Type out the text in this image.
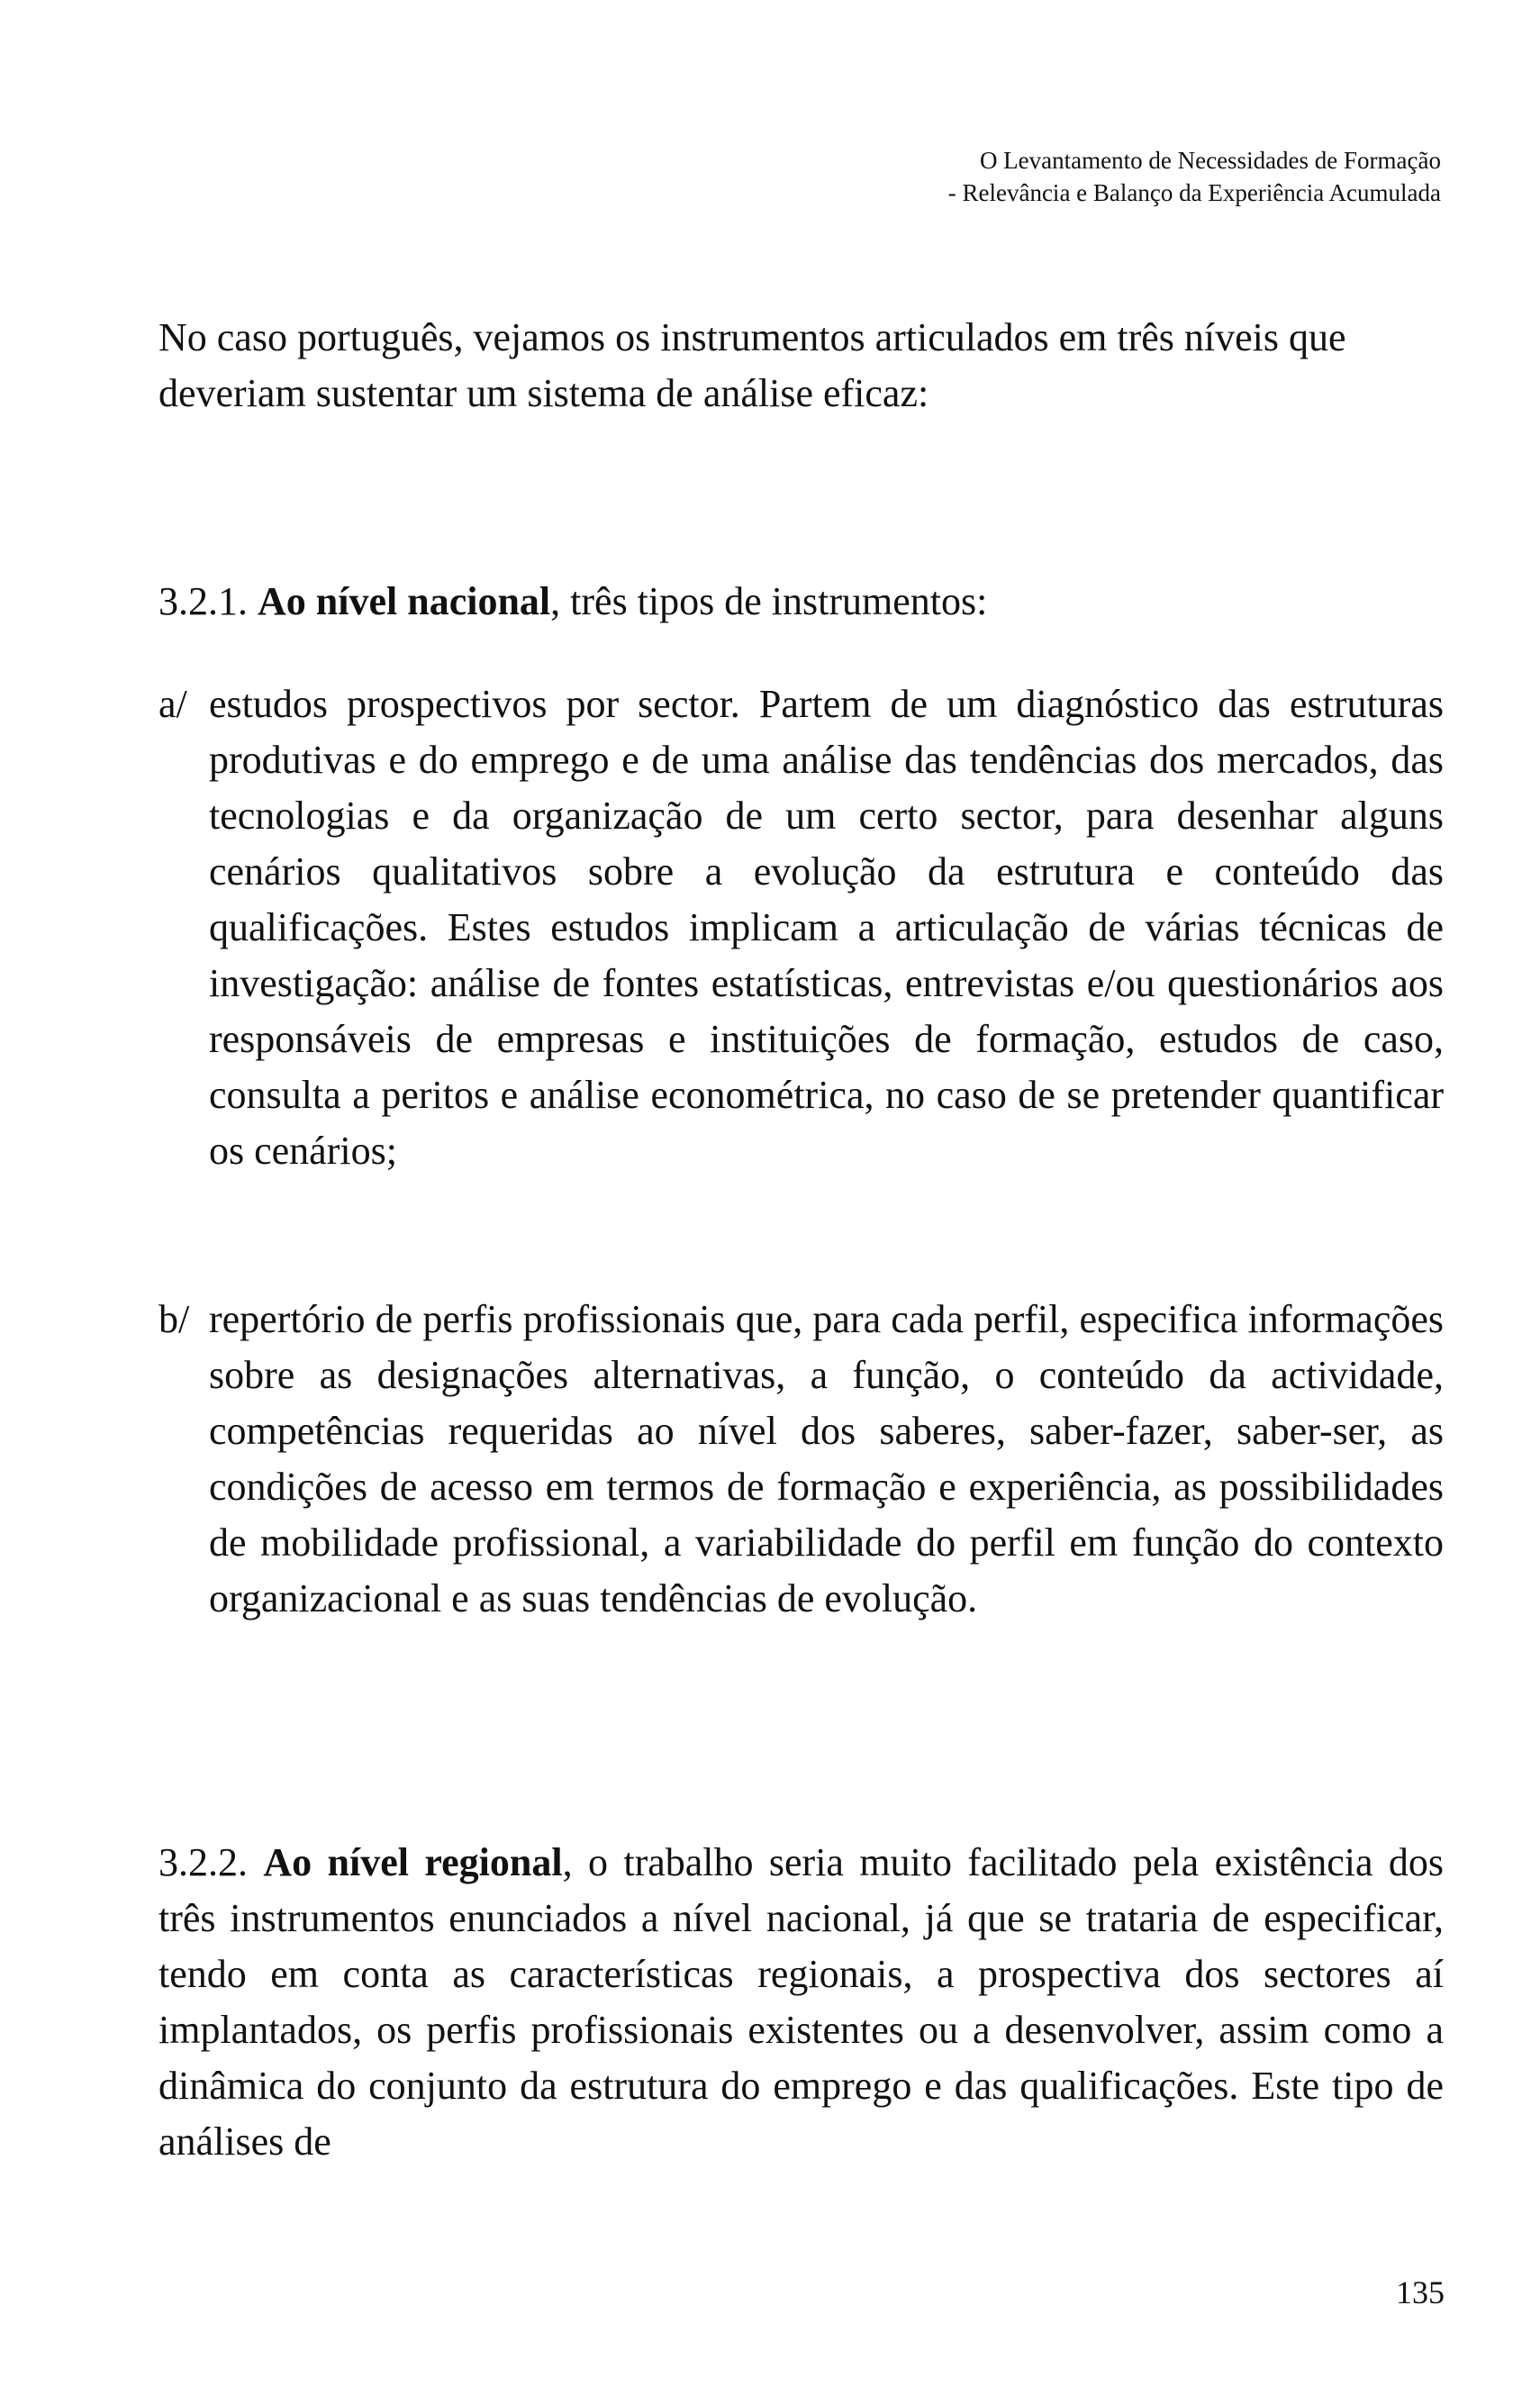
O Levantamento de Necessidades de Formação
- Relevância e Balanço da Experiência Acumulada

No caso português, vejamos os instrumentos articulados em três níveis que deveriam sustentar um sistema de análise eficaz:

3.2.1. Ao nível nacional, três tipos de instrumentos:

a/ estudos prospectivos por sector. Partem de um diagnóstico das estruturas produtivas e do emprego e de uma análise das tendências dos mercados, das tecnologias e da organização de um certo sector, para desenhar alguns cenários qualitativos sobre a evolução da estrutura e conteúdo das qualificações. Estes estudos implicam a articulação de várias técnicas de investigação: análise de fontes estatísticas, entrevistas e/ou questionários aos responsáveis de empresas e instituições de formação, estudos de caso, consulta a peritos e análise econométrica, no caso de se pretender quantificar os cenários;
b/ repertório de perfis profissionais que, para cada perfil, especifica informações sobre as designações alternativas, a função, o conteúdo da actividade, competências requeridas ao nível dos saberes, saber-fazer, saber-ser, as condições de acesso em termos de formação e experiência, as possibilidades de mobilidade profissional, a variabilidade do perfil em função do contexto organizacional e as suas tendências de evolução.

3.2.2. Ao nível regional, o trabalho seria muito facilitado pela existência dos três instrumentos enunciados a nível nacional, já que se trataria de especificar, tendo em conta as características regionais, a prospectiva dos sectores aí implantados, os perfis profissionais existentes ou a desenvolver, assim como a dinâmica do conjunto da estrutura do emprego e das qualificações. Este tipo de análises de

135
